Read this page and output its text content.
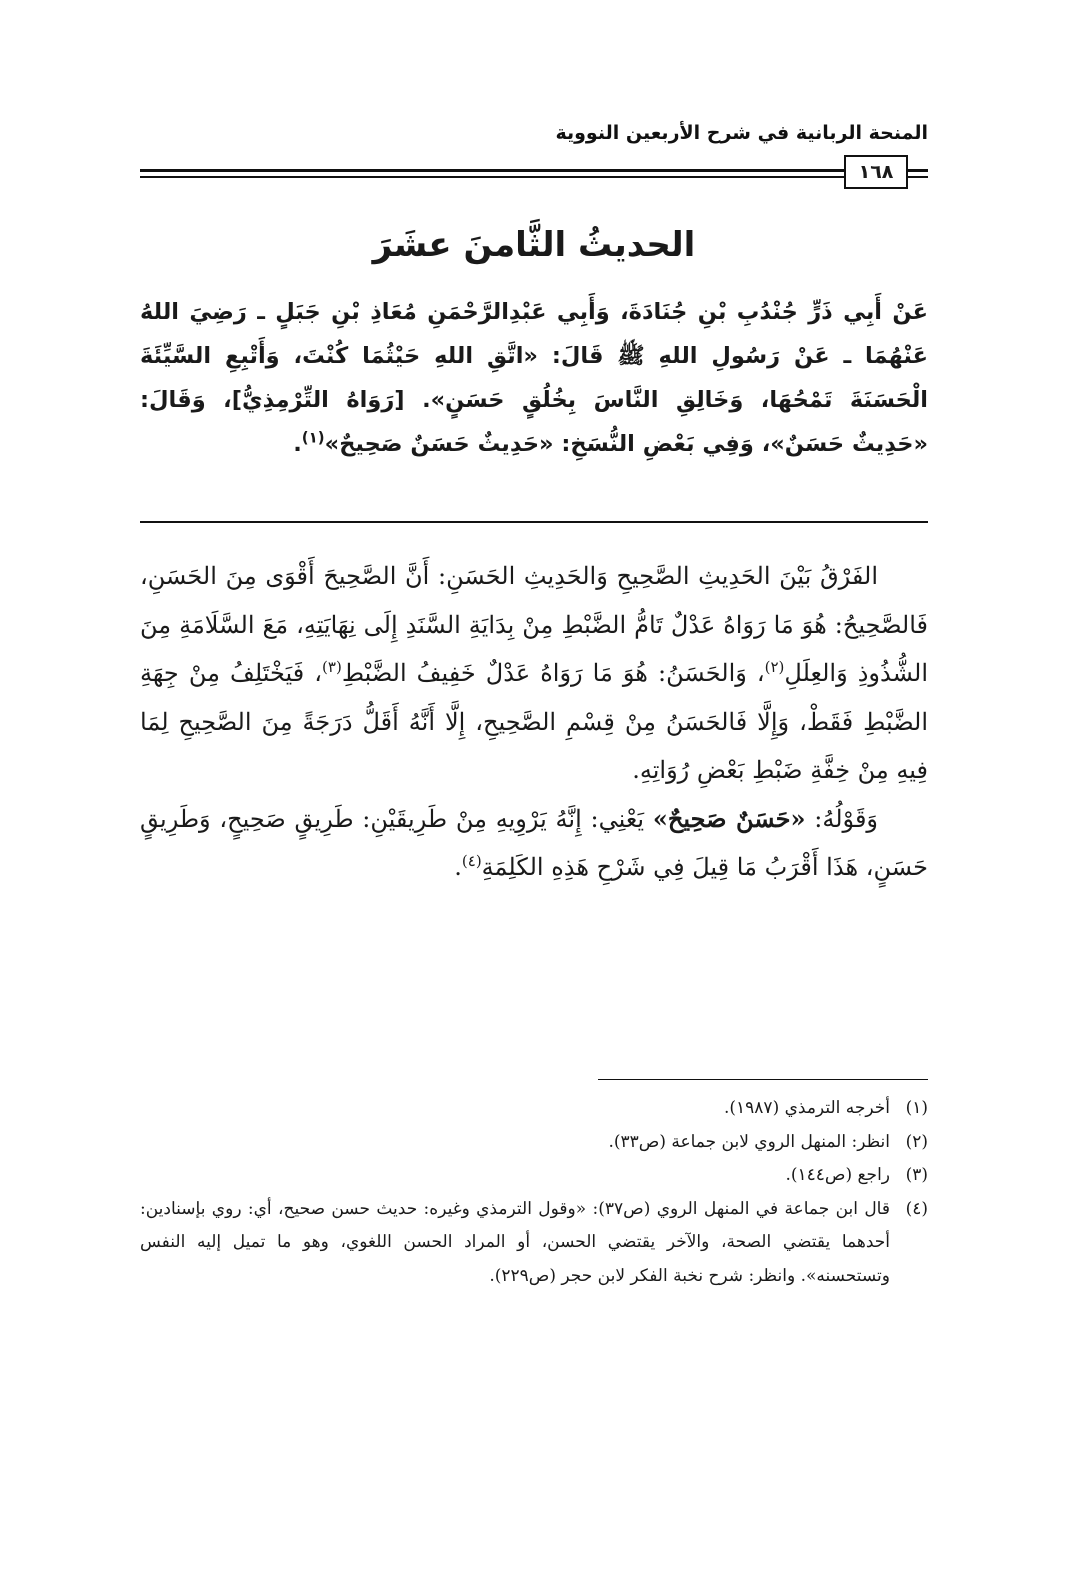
المنحة الربانية في شرح الأربعين النووية
١٦٨
الحديثُ الثَّامنَ عشَرَ

عَنْ أَبِي ذَرٍّ جُنْدُبِ بْنِ جُنَادَةَ، وَأَبِي عَبْدِالرَّحْمَنِ مُعَاذِ بْنِ جَبَلٍ ـ رَضِيَ اللهُ عَنْهُمَا ـ عَنْ رَسُولِ اللهِ ﷺ قَالَ: «اتَّقِ اللهِ حَيْثُمَا كُنْتَ، وَأَتْبِعِ السَّيِّئَةَ الْحَسَنَةَ تَمْحُهَا، وَخَالِقِ النَّاسَ بِخُلُقٍ حَسَنٍ». [رَوَاهُ التِّرْمِذِيُّ]، وَقَالَ: «حَدِيثٌ حَسَنٌ»، وَفِي بَعْضِ النُّسَخِ: «حَدِيثٌ حَسَنٌ صَحِيحٌ»$^{(١)}$.

الفَرْقُ بَيْنَ الحَدِيثِ الصَّحِيحِ وَالحَدِيثِ الحَسَنِ: أَنَّ الصَّحِيحَ أَقْوَى مِنَ الحَسَنِ، فَالصَّحِيحُ: هُوَ مَا رَوَاهُ عَدْلٌ تَامُّ الضَّبْطِ مِنْ بِدَايَةِ السَّنَدِ إِلَى نِهَايَتِهِ، مَعَ السَّلَامَةِ مِنَ الشُّذُوذِ وَالعِلَلِ$^{(٢)}$، وَالحَسَنُ: هُوَ مَا رَوَاهُ عَدْلٌ خَفِيفُ الضَّبْطِ$^{(٣)}$، فَيَخْتَلِفُ مِنْ جِهَةِ الضَّبْطِ فَقَطْ، وَإِلَّا فَالحَسَنُ مِنْ قِسْمِ الصَّحِيحِ، إِلَّا أَنَّهُ أَقَلُّ دَرَجَةً مِنَ الصَّحِيحِ لِمَا فِيهِ مِنْ خِفَّةِ ضَبْطِ بَعْضِ رُوَاتِهِ.

وَقَوْلُهُ: «حَسَنٌ صَحِيحٌ» يَعْنِي: إِنَّهُ يَرْوِيهِ مِنْ طَرِيقَيْنِ: طَرِيقٍ صَحِيحٍ، وَطَرِيقٍ حَسَنٍ، هَذَا أَقْرَبُ مَا قِيلَ فِي شَرْحِ هَذِهِ الكَلِمَةِ$^{(٤)}$.

(١)
أخرجه الترمذي (١٩٨٧).
(٢)
انظر: المنهل الروي لابن جماعة (ص٣٣).
(٣)
راجع (ص١٤٤).
(٤)
قال ابن جماعة في المنهل الروي (ص٣٧): «وقول الترمذي وغيره: حديث حسن صحيح، أي: روي بإسنادين: أحدهما يقتضي الصحة، والآخر يقتضي الحسن، أو المراد الحسن اللغوي، وهو ما تميل إليه النفس وتستحسنه». وانظر: شرح نخبة الفكر لابن حجر (ص٢٢٩).
